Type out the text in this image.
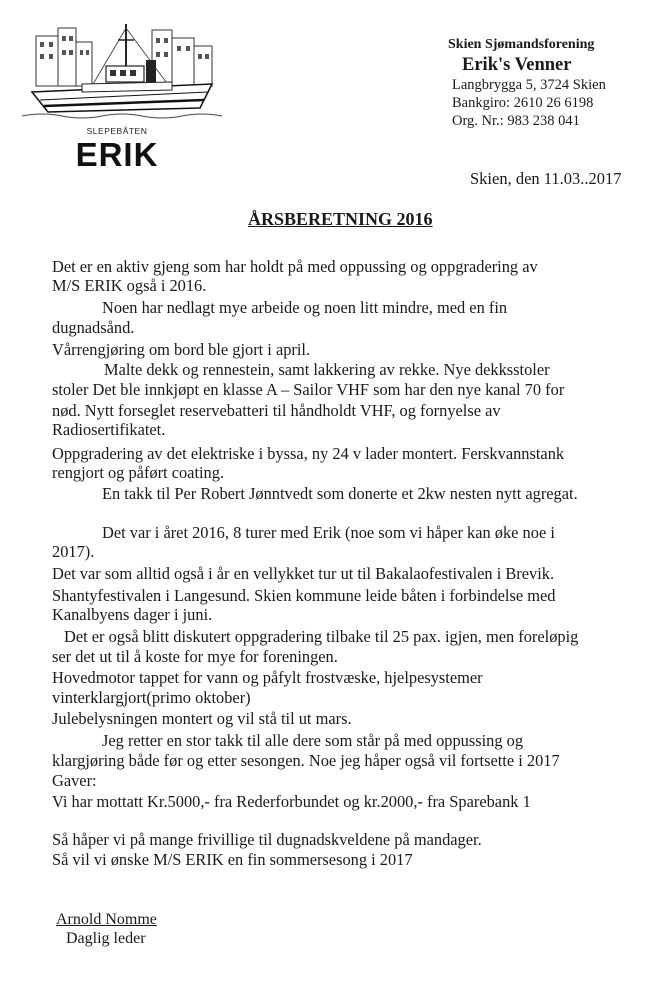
SLEPEBÅTEN
ERIK
Skien Sjømandsforening
Erik's Venner
Langbrygga 5, 3724 Skien
Bankgiro: 2610 26 6198
Org. Nr.: 983 238 041
Skien, den 11.03..2017
ÅRSBERETNING 2016
Det er en aktiv gjeng som har holdt på med oppussing og oppgradering av
M/S ERIK også i 2016.
Noen har nedlagt mye arbeide og noen litt mindre, med en fin
dugnadsånd.
Vårrengjøring om bord ble gjort i april.
Malte dekk og rennestein, samt lakkering av rekke. Nye dekksstoler
stoler Det ble innkjøpt en klasse A – Sailor VHF som har den nye kanal 70 for
nød. Nytt forseglet reservebatteri til håndholdt VHF, og fornyelse av
Radiosertifikatet.
Oppgradering av det elektriske i byssa, ny 24 v lader montert. Ferskvannstank
rengjort og påført coating.
En takk til Per Robert Jønntvedt som donerte et 2kw nesten nytt agregat.
Det var i året 2016, 8 turer med Erik (noe som vi håper kan øke noe i
2017).
Det var som alltid også i år en vellykket tur ut til Bakalaofestivalen i Brevik.
Shantyfestivalen i Langesund. Skien kommune leide båten i forbindelse med
Kanalbyens dager i juni.
Det er også blitt diskutert oppgradering tilbake til 25 pax. igjen, men foreløpig
ser det ut til å koste for mye for foreningen.
Hovedmotor tappet for vann og påfylt frostvæske, hjelpesystemer
vinterklargjort(primo oktober)
Julebelysningen montert og vil stå til ut mars.
Jeg retter en stor takk til alle dere som står på med oppussing og
klargjøring både før og etter sesongen. Noe jeg håper også vil fortsette i 2017
Gaver:
Vi har mottatt Kr.5000,- fra Rederforbundet og kr.2000,- fra Sparebank 1
Så håper vi på mange frivillige til dugnadskveldene på mandager.
Så vil vi ønske M/S ERIK en fin sommersesong i 2017
Arnold Nomme
Daglig leder
